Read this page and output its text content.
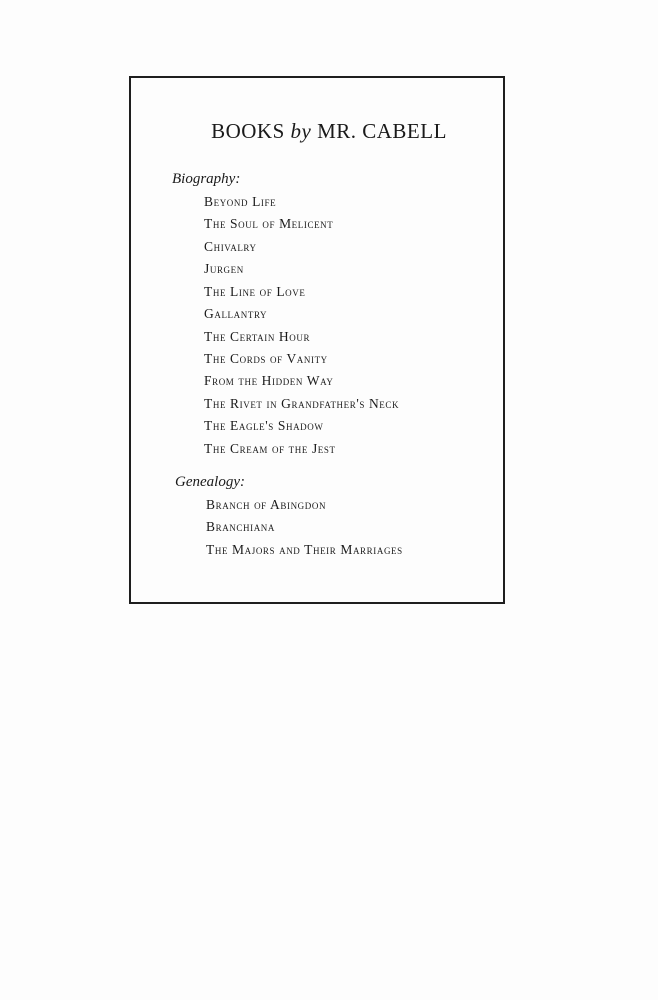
BOOKS by MR. CABELL
Biography:
Beyond Life
The Soul of Melicent
Chivalry
Jurgen
The Line of Love
Gallantry
The Certain Hour
The Cords of Vanity
From the Hidden Way
The Rivet in Grandfather's Neck
The Eagle's Shadow
The Cream of the Jest
Genealogy:
Branch of Abingdon
Branchiana
The Majors and Their Marriages
